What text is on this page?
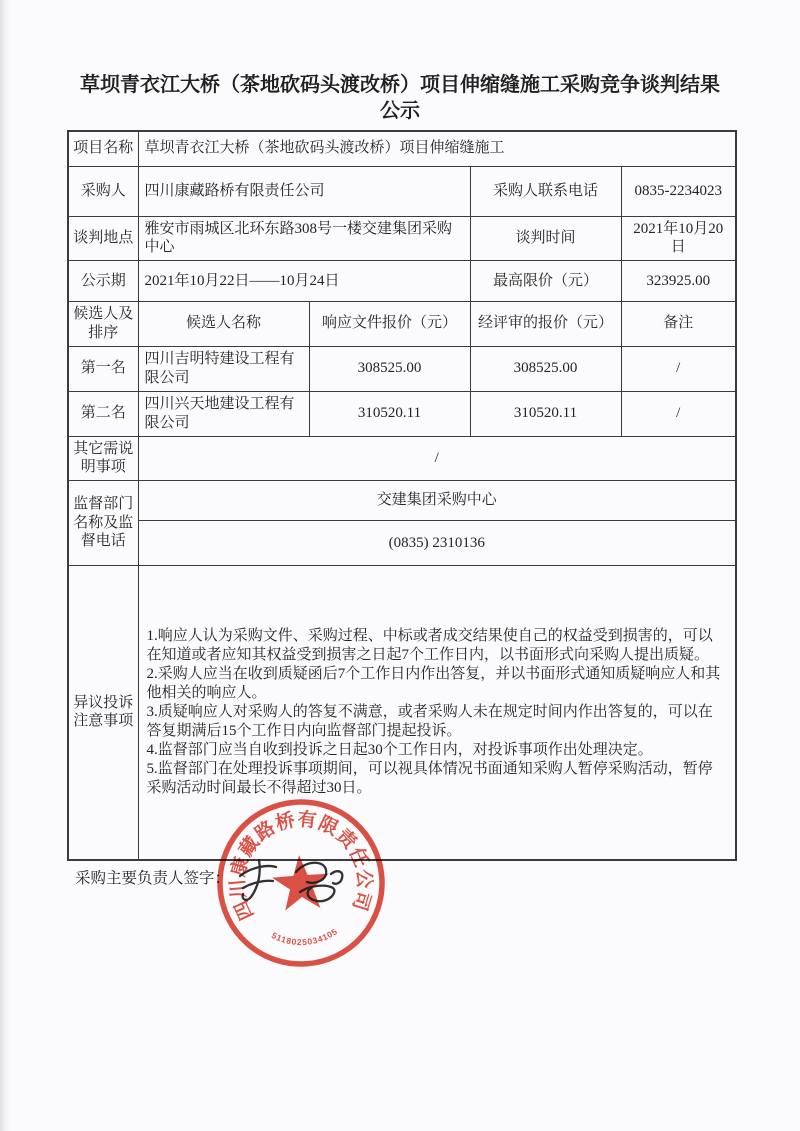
草坝青衣江大桥（茶地砍码头渡改桥）项目伸缩缝施工采购竞争谈判结果
公示
项目名称	草坝青衣江大桥（茶地砍码头渡改桥）项目伸缩缝施工			
采购人	四川康藏路桥有限责任公司		采购人联系电话	0835-2234023
谈判地点	雅安市雨城区北环东路308号一楼交建集团采购中心		谈判时间	2021年10月20日
公示期	2021年10月22日——10月24日		最高限价（元）	323925.00
候选人及排序	候选人名称	响应文件报价（元）	经评审的报价（元）	备注
第一名	四川吉明特建设工程有限公司	308525.00	308525.00	/
第二名	四川兴天地建设工程有限公司	310520.11	310520.11	/
其它需说明事项	/			
监督部门名称及监督电话	交建集团采购中心			
	(0835) 2310136			
异议投诉注意事项	1.响应人认为采购文件、采购过程、中标或者成交结果使自己的权益受到损害的，可以在知道或者应知其权益受到损害之日起7个工作日内，以书面形式向采购人提出质疑。
2.采购人应当在收到质疑函后7个工作日内作出答复，并以书面形式通知质疑响应人和其他相关的响应人。
3.质疑响应人对采购人的答复不满意，或者采购人未在规定时间内作出答复的，可以在答复期满后15个工作日内向监督部门提起投诉。
4.监督部门应当自收到投诉之日起30个工作日内，对投诉事项作出处理决定。
5.监督部门在处理投诉事项期间，可以视具体情况书面通知采购人暂停采购活动，暂停采购活动时间最长不得超过30日。			
采购主要负责人签字：
四川康藏路桥有限责任公司
5118025034105
